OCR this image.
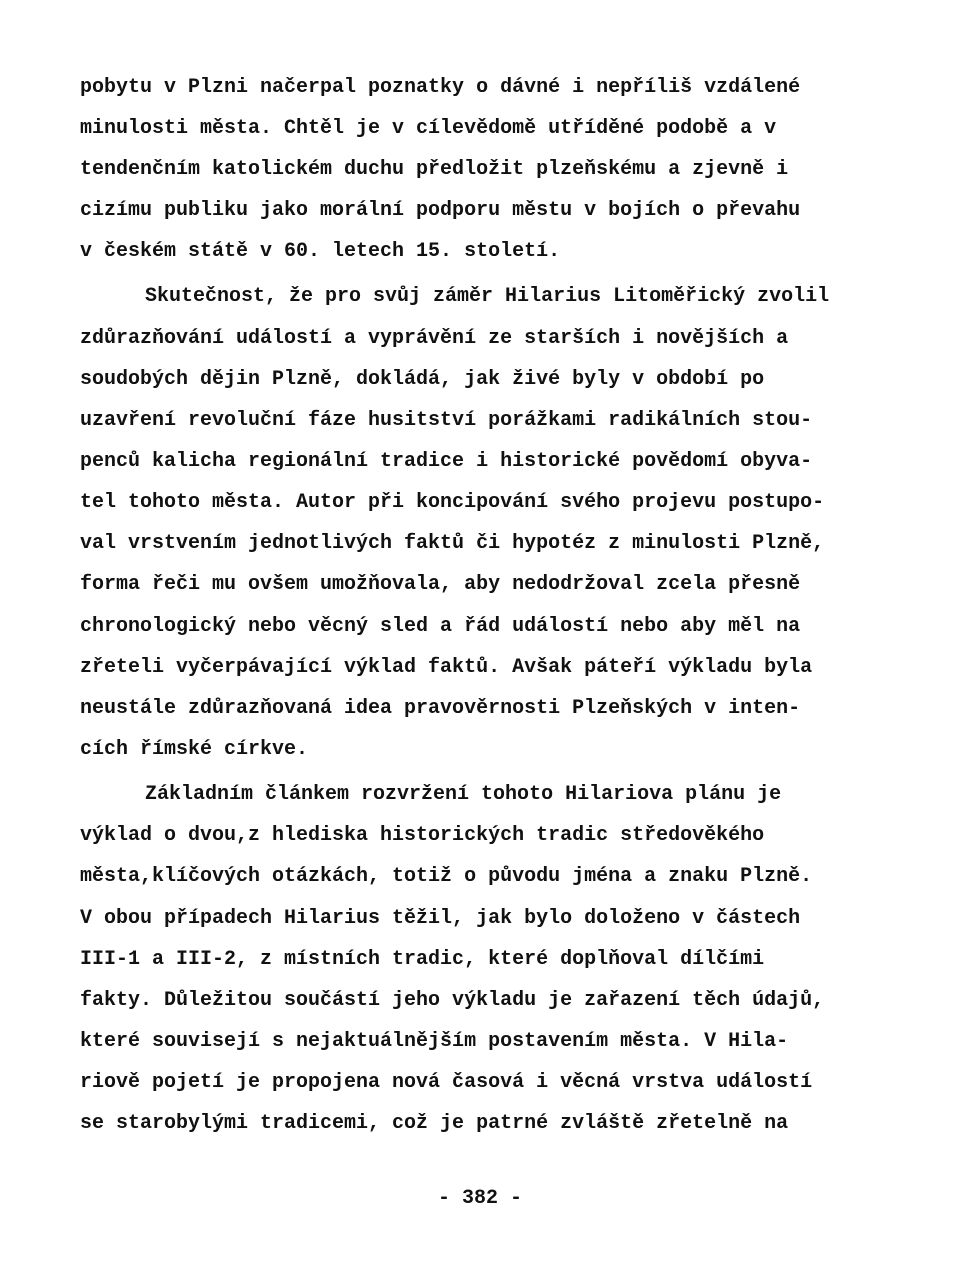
pobytu v Plzni načerpal poznatky o dávné i nepříliš vzdálené
minulosti města. Chtěl je v cílevědomě utříděné podobě a v
tendenčním katolickém duchu předložit plzeňskému a zjevně i
cizímu publiku jako morální podporu městu v bojích o převahu
v českém státě v 60. letech 15. století.
Skutečnost, že pro svůj záměr Hilarius Litoměřický zvolil
zdůrazňování událostí a vyprávění ze starších i novějších a
soudobých dějin Plzně, dokládá, jak živé byly v období po
uzavření revoluční fáze husitství porážkami radikálních stou-
penců kalicha regionální tradice i historické povědomí obyva-
tel tohoto města. Autor při koncipování svého projevu postupo-
val vrstvením jednotlivých faktů či hypotéz z minulosti Plzně,
forma řeči mu ovšem umožňovala, aby nedodržoval zcela přesně
chronologický nebo věcný sled a řád událostí nebo aby měl na
zřeteli vyčerpávající výklad faktů. Avšak páteří výkladu byla
neustále zdůrazňovaná idea pravověrnosti Plzeňských v inten-
cích římské církve.
Základním článkem rozvržení tohoto Hilariova plánu je
výklad o dvou,z hlediska historických tradic středověkého
města,klíčových otázkách, totiž o původu jména a znaku Plzně.
V obou případech Hilarius těžil, jak bylo doloženo v částech
III-1 a III-2, z místních tradic, které doplňoval dílčími
fakty. Důležitou součástí jeho výkladu je zařazení těch údajů,
které souvisejí s nejaktuálnějším postavením města. V Hila-
riově pojetí je propojena nová časová i věcná vrstva událostí
se starobylými tradicemi, což je patrné zvláště zřetelně na
- 382 -
